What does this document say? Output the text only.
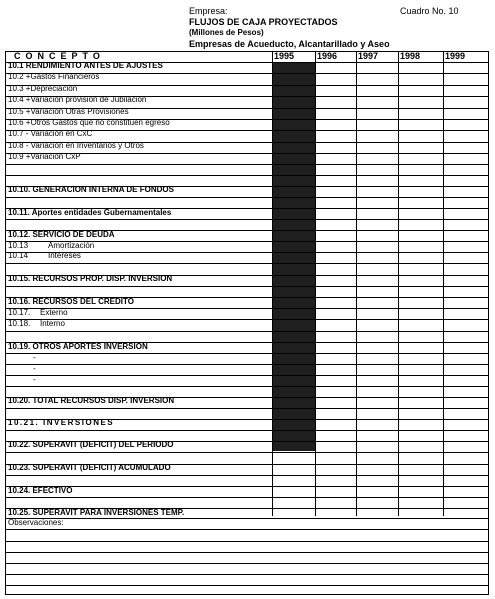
Empresa:	Cuadro No. 10
FLUJOS DE CAJA PROYECTADOS
(Millones de Pesos)
Empresas de Acueducto, Alcantarillado y Aseo
CONCEPTO	1995	1996	1997	1998	1999
10.1 RENDIMIENTO ANTES DE AJUSTES
10.2 +Gastos Financieros
10.3 +Depreciación
10.4 +Variación provisión de Jubilación
10.5 +Variación Otras Provisiones
10.6 +Otros Gastos que no constituen egreso
10.7 - Variación en CxC
10.8 - Variación en Inventarios y Otros
10.9 +Variación CxP
10.10. GENERACION INTERNA DE FONDOS
10.11. Aportes entidades Gubernamentales
10.12. SERVICIO DE DEUDA
10.13 Amortización
10.14 Intereses
10.15. RECURSOS PROP. DISP. INVERSION
10.16. RECURSOS DEL CREDITO
10.17. Externo
10.18. Interno
10.19. OTROS APORTES INVERSION
-
-
-
10.20. TOTAL RECURSOS DISP. INVERSION
10.21. INVERSIONES
10.22. SUPERAVIT (DEFICIT) DEL PERIODO
10.23. SUPERAVIT (DEFICIT) ACUMULADO
10.24. EFECTIVO
10.25. SUPERAVIT PARA INVERSIONES TEMP.
Observaciones:
